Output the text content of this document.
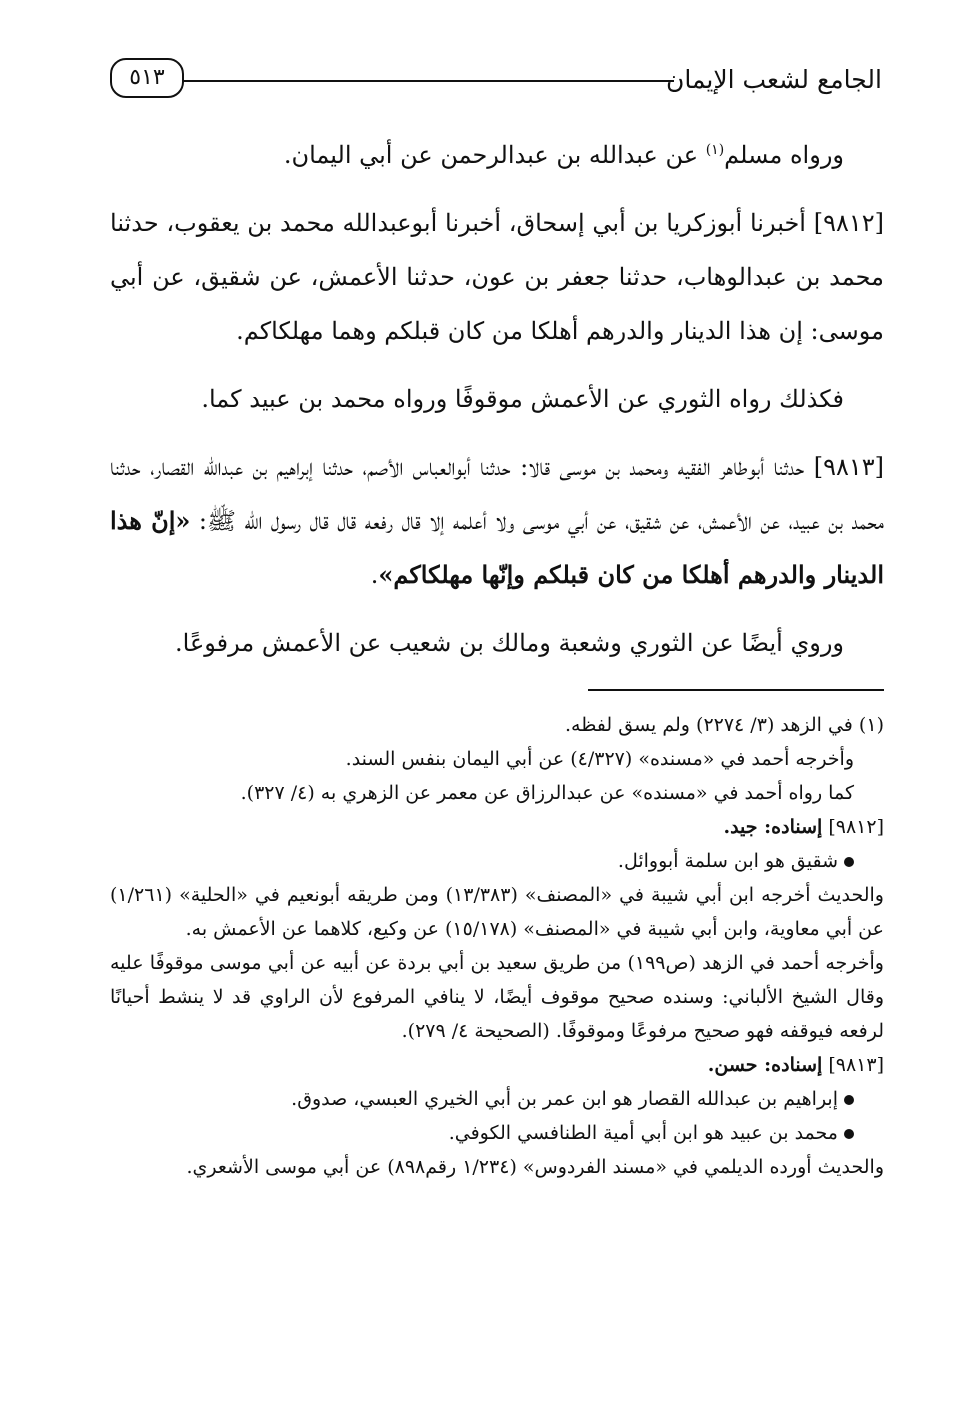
الجامع لشعب الإيمان
٥١٣

ورواه مسلم$^{(١)}$ عن عبدالله بن عبدالرحمن عن أبي اليمان.

[٩٨١٢] أخبرنا أبوزكريا بن أبي إسحاق، أخبرنا أبوعبدالله محمد بن يعقوب، حدثنا محمد بن عبدالوهاب، حدثنا جعفر بن عون، حدثنا الأعمش، عن شقيق، عن أبي موسى: إن هذا الدينار والدرهم أهلكا من كان قبلكم وهما مهلكاكم.

فكذلك رواه الثوري عن الأعمش موقوفًا ورواه محمد بن عبيد كما.

[٩٨١٣] حدثنا أبوطاهر الفقيه ومحمد بن موسى قالا: حدثنا أبوالعباس الأصم، حدثنا إبراهيم بن عبدالله القصار، حدثنا محمد بن عبيد، عن الأعمش، عن شقيق، عن أبي موسى ولا أعلمه إلا قال رفعه قال قال رسول الله ﷺ: «إنّ هذا الدينار والدرهم أهلكا من كان قبلكم وإنّها مهلكاكم».

وروي أيضًا عن الثوري وشعبة ومالك بن شعيب عن الأعمش مرفوعًا.

(١) في الزهد (٣/ ٢٢٧٤) ولم يسق لفظه.

وأخرجه أحمد في «مسنده» (٤/٣٢٧) عن أبي اليمان بنفس السند.

كما رواه أحمد في «مسنده» عن عبدالرزاق عن معمر عن الزهري به (٤/ ٣٢٧).

[٩٨١٢] إسناده: جيد.

شقيق هو ابن سلمة أبووائل.

والحديث أخرجه ابن أبي شيبة في «المصنف» (١٣/٣٨٣) ومن طريقه أبونعيم في «الحلية» (١/٢٦١) عن أبي معاوية، وابن أبي شيبة في «المصنف» (١٥/١٧٨) عن وكيع، كلاهما عن الأعمش به.

وأخرجه أحمد في الزهد (ص١٩٩) من طريق سعيد بن أبي بردة عن أبيه عن أبي موسى موقوفًا عليه وقال الشيخ الألباني: وسنده صحيح موقوف أيضًا، لا ينافي المرفوع لأن الراوي قد لا ينشط أحيانًا لرفعه فيوقفه فهو صحيح مرفوعًا وموقوفًا. (الصحيحة ٤/ ٢٧٩).

[٩٨١٣] إسناده: حسن.

إبراهيم بن عبدالله القصار هو ابن عمر بن أبي الخيري العبسي، صدوق.

محمد بن عبيد هو ابن أبي أمية الطنافسي الكوفي.

والحديث أورده الديلمي في «مسند الفردوس» (١/٢٣٤ رقم٨٩٨) عن أبي موسى الأشعري.
